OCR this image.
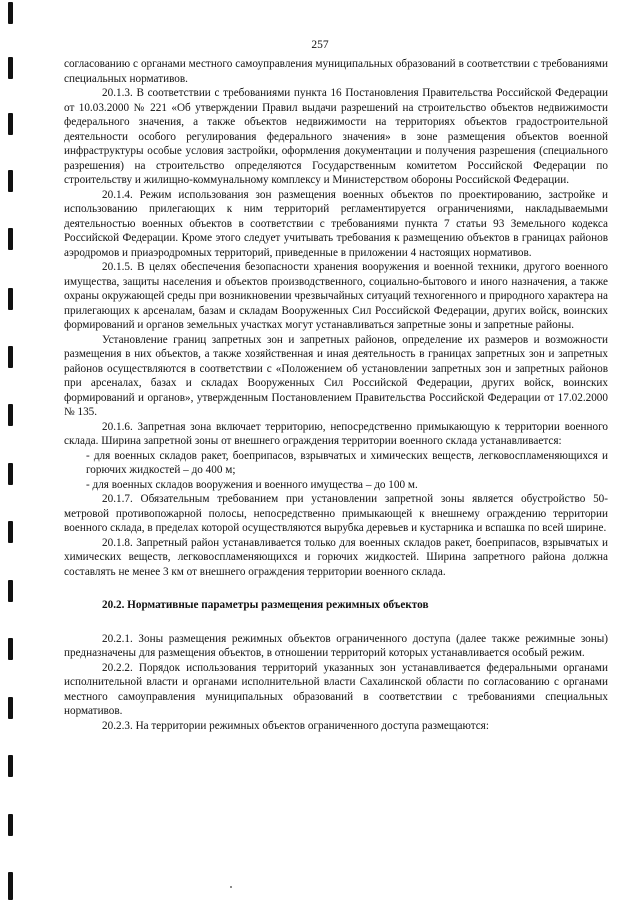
257

согласованию с органами местного самоуправления муниципальных образований в соответствии с требованиями специальных нормативов.

20.1.3. В соответствии с требованиями пункта 16 Постановления Правительства Российской Федерации от 10.03.2000 № 221 «Об утверждении Правил выдачи разрешений на строительство объектов недвижимости федерального значения, а также объектов недвижимости на территориях объектов градостроительной деятельности особого регулирования федерального значения» в зоне размещения объектов военной инфраструктуры особые условия застройки, оформления документации и получения разрешения (специального разрешения) на строительство определяются Государственным комитетом Российской Федерации по строительству и жилищно-коммунальному комплексу и Министерством обороны Российской Федерации.

20.1.4. Режим использования зон размещения военных объектов по проектированию, застройке и использованию прилегающих к ним территорий регламентируется ограничениями, накладываемыми деятельностью военных объектов в соответствии с требованиями пункта 7 статьи 93 Земельного кодекса Российской Федерации. Кроме этого следует учитывать требования к размещению объектов в границах районов аэродромов и приаэродромных территорий, приведенные в приложении 4 настоящих нормативов.

20.1.5. В целях обеспечения безопасности хранения вооружения и военной техники, другого военного имущества, защиты населения и объектов производственного, социально-бытового и иного назначения, а также охраны окружающей среды при возникновении чрезвычайных ситуаций техногенного и природного характера на прилегающих к арсеналам, базам и складам Вооруженных Сил Российской Федерации, других войск, воинских формирований и органов земельных участках могут устанавливаться запретные зоны и запретные районы.

Установление границ запретных зон и запретных районов, определение их размеров и возможности размещения в них объектов, а также хозяйственная и иная деятельность в границах запретных зон и запретных районов осуществляются в соответствии с «Положением об установлении запретных зон и запретных районов при арсеналах, базах и складах Вооруженных Сил Российской Федерации, других войск, воинских формирований и органов», утвержденным Постановлением Правительства Российской Федерации от 17.02.2000 № 135.

20.1.6. Запретная зона включает территорию, непосредственно примыкающую к территории военного склада. Ширина запретной зоны от внешнего ограждения территории военного склада устанавливается:

- для военных складов ракет, боеприпасов, взрывчатых и химических веществ, легковоспламеняющихся и горючих жидкостей – до 400 м;

- для военных складов вооружения и военного имущества – до 100 м.

20.1.7. Обязательным требованием при установлении запретной зоны является обустройство 50-метровой противопожарной полосы, непосредственно примыкающей к внешнему ограждению территории военного склада, в пределах которой осуществляются вырубка деревьев и кустарника и вспашка по всей ширине.

20.1.8. Запретный район устанавливается только для военных складов ракет, боеприпасов, взрывчатых и химических веществ, легковоспламеняющихся и горючих жидкостей. Ширина запретного района должна составлять не менее 3 км от внешнего ограждения территории военного склада.

20.2. Нормативные параметры размещения режимных объектов

20.2.1. Зоны размещения режимных объектов ограниченного доступа (далее также режимные зоны) предназначены для размещения объектов, в отношении территорий которых устанавливается особый режим.

20.2.2. Порядок использования территорий указанных зон устанавливается федеральными органами исполнительной власти и органами исполнительной власти Сахалинской области по согласованию с органами местного самоуправления муниципальных образований в соответствии с требованиями специальных нормативов.

20.2.3. На территории режимных объектов ограниченного доступа размещаются:
